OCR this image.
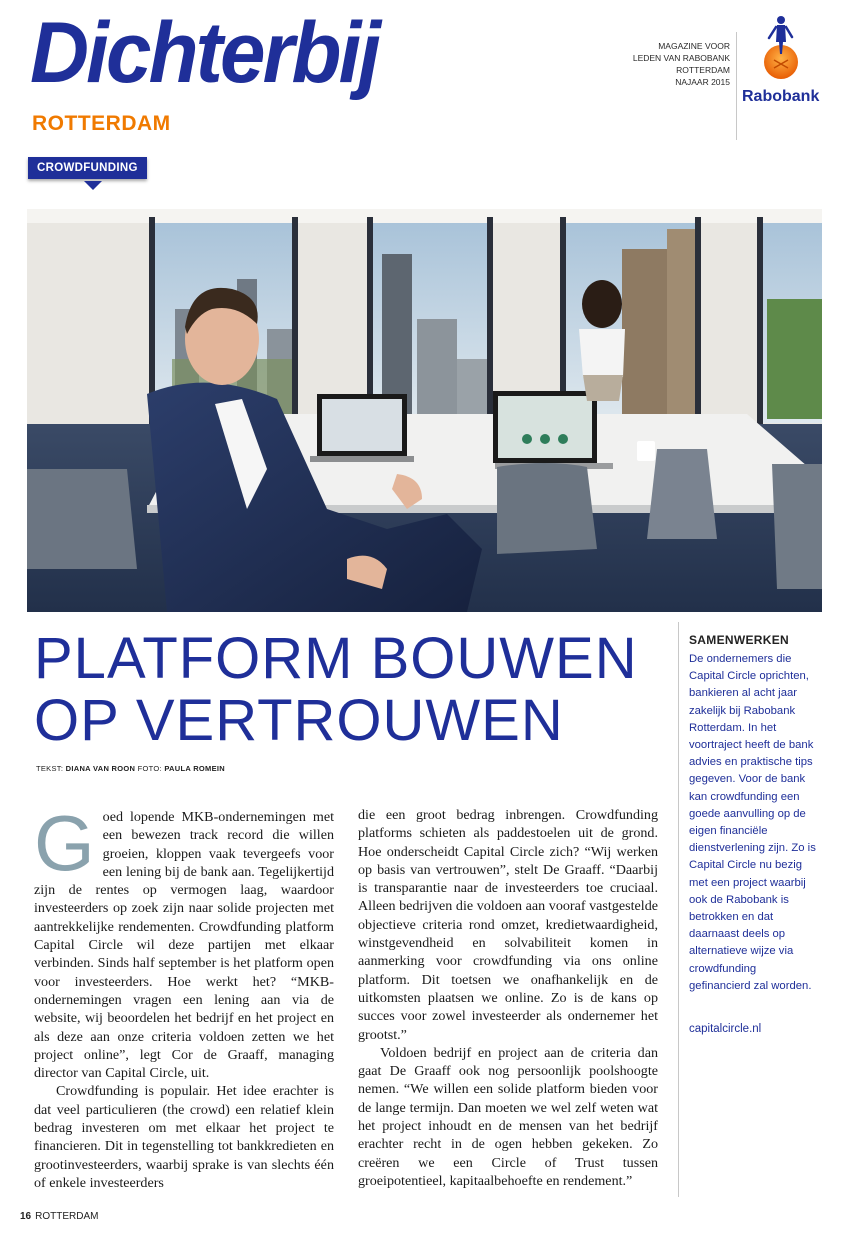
Dichterbij
ROTTERDAM
MAGAZINE VOOR
LEDEN VAN RABOBANK
ROTTERDAM
NAJAAR 2015
Rabobank
CROWDFUNDING
PLATFORM BOUWEN
OP VERTROUWEN
TEKST: DIANA VAN ROON FOTO: PAULA ROMEIN
G oed lopende MKB-ondernemingen met een bewezen track record die willen groeien, kloppen vaak tevergeefs voor een lening bij de bank aan. Tegelijkertijd zijn de rentes op vermogen laag, waardoor investeerders op zoek zijn naar solide projecten met aantrekkelijke rendementen. Crowdfunding platform Capital Circle wil deze partijen met elkaar verbinden. Sinds half september is het platform open voor investeerders. Hoe werkt het? “MKB-ondernemingen vragen een lening aan via de website, wij beoordelen het bedrijf en het project en als deze aan onze criteria voldoen zetten we het project online”, legt Cor de Graaff, managing director van Capital Circle, uit.

Crowdfunding is populair. Het idee erachter is dat veel particulieren (the crowd) een relatief klein bedrag investeren om met elkaar het project te financieren. Dit in tegenstelling tot bankkredieten en grootinvesteerders, waarbij sprake is van slechts één of enkele investeerders

die een groot bedrag inbrengen. Crowdfunding platforms schieten als paddestoelen uit de grond. Hoe onderscheidt Capital Circle zich? “Wij werken op basis van vertrouwen”, stelt De Graaff. “Daarbij is transparantie naar de investeerders toe cruciaal. Alleen bedrijven die voldoen aan vooraf vastgestelde objectieve criteria rond omzet, kredietwaardigheid, winstgevendheid en solvabiliteit komen in aanmerking voor crowdfunding via ons online platform. Dit toetsen we onafhankelijk en de uitkomsten plaatsen we online. Zo is de kans op succes voor zowel investeerder als ondernemer het grootst.”

Voldoen bedrijf en project aan de criteria dan gaat De Graaff ook nog persoonlijk poolshoogte nemen. “We willen een solide platform bieden voor de lange termijn. Dan moeten we wel zelf weten wat het project inhoudt en de mensen van het bedrijf erachter recht in de ogen hebben gekeken. Zo creëren we een Circle of Trust tussen groeipotentieel, kapitaalbehoefte en rendement.”

SAMENWERKEN
De ondernemers die Capital Circle oprichten, bankieren al acht jaar zakelijk bij Rabobank Rotterdam. In het voortraject heeft de bank advies en praktische tips gegeven. Voor de bank kan crowdfunding een goede aanvulling op de eigen financiële dienstverlening zijn. Zo is Capital Circle nu bezig met een project waarbij ook de Rabobank is betrokken en dat daarnaast deels op alternatieve wijze via crowdfunding gefinancierd zal worden.
capitalcircle.nl
16 ROTTERDAM
